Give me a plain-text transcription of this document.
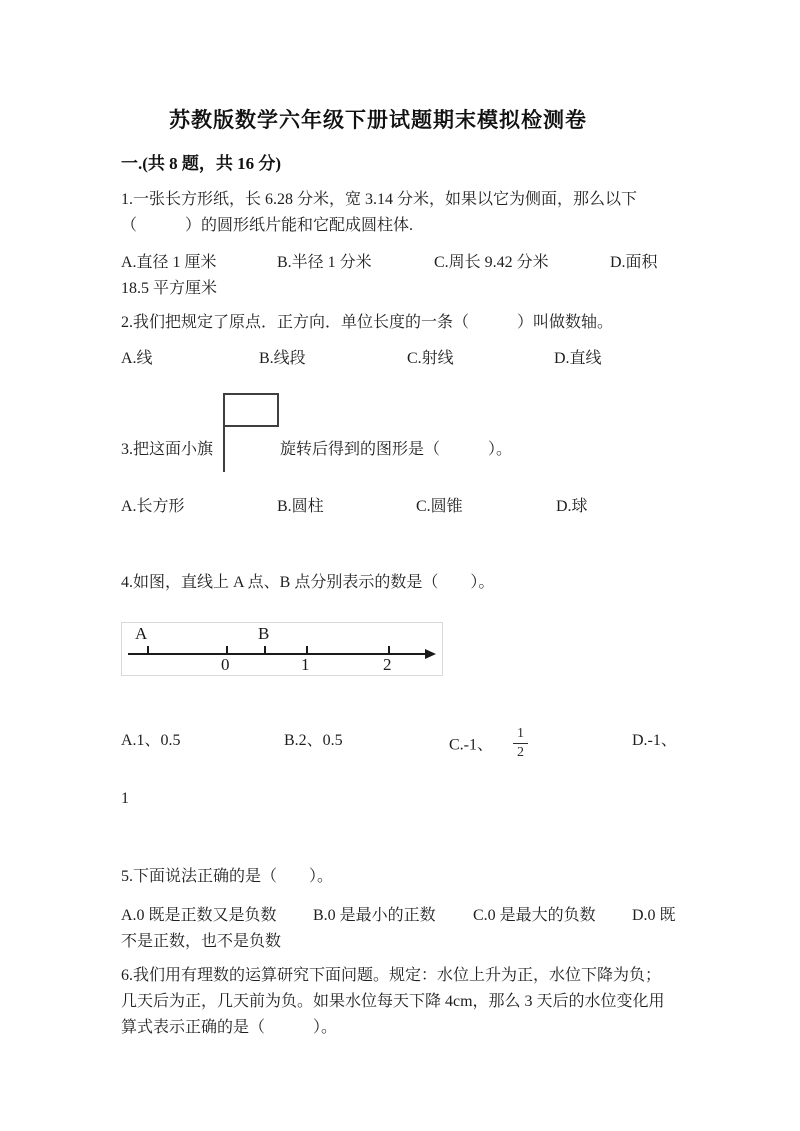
苏教版数学六年级下册试题期末模拟检测卷
一.(共 8 题，共 16 分)
1.一张长方形纸，长 6.28 分米，宽 3.14 分米，如果以它为侧面，那么以下
（　　　）的圆形纸片能和它配成圆柱体.
A.直径 1 厘米	B.半径 1 分米	C.周长 9.42 分米	D.面积
18.5 平方厘米
2.我们把规定了原点．正方向．单位长度的一条（　　　）叫做数轴。
A.线	B.线段	C.射线	D.直线
3.把这面小旗	旋转后得到的图形是（　　　）。
A.长方形	B.圆柱	C.圆锥	D.球
4.如图，直线上 A 点、B 点分别表示的数是（　　）。
A	B
0	1	2
A.1、0.5	B.2、0.5	C.-1、 $\frac{1}{2}$	D.-1、
1
5.下面说法正确的是（　　）。
A.0 既是正数又是负数 B.0 是最小的正数 C.0 是最大的负数 D.0 既
不是正数，也不是负数
6.我们用有理数的运算研究下面问题。规定：水位上升为正，水位下降为负；
几天后为正，几天前为负。如果水位每天下降 4cm，那么 3 天后的水位变化用
算式表示正确的是（　　　）。
